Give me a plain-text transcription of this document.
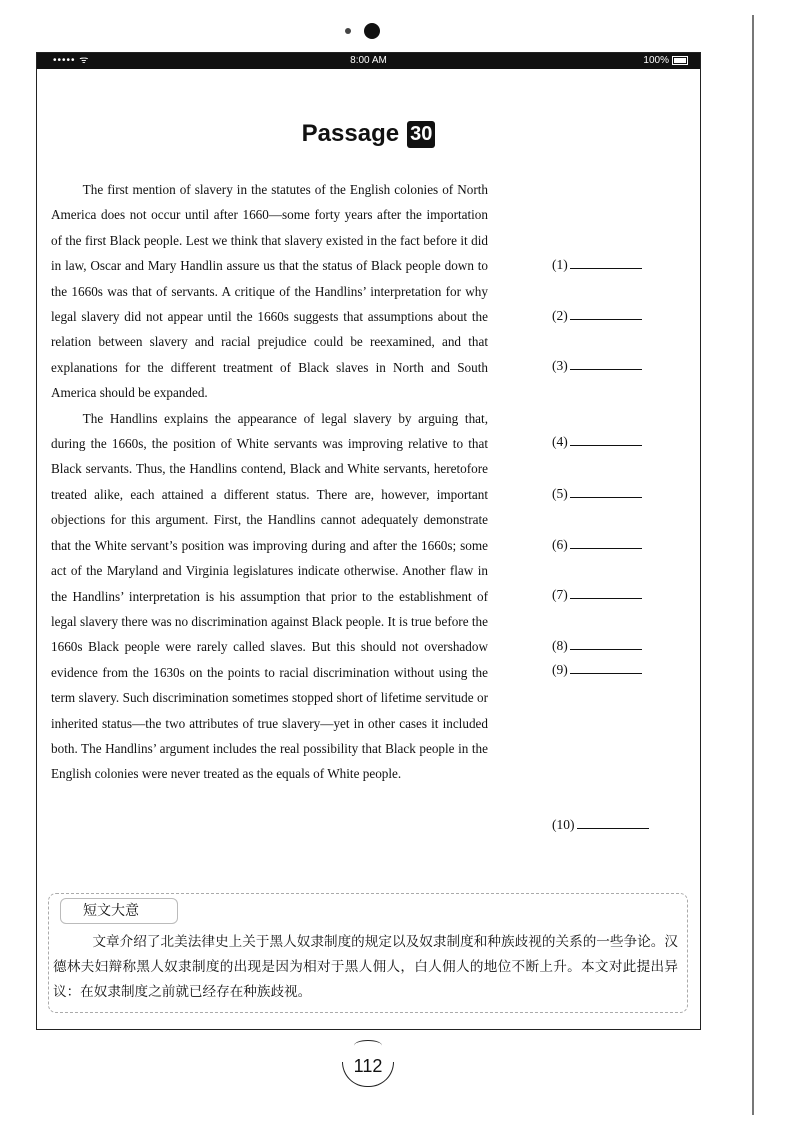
••••• ᯤ	8:00 AM	100%
Passage 30

The first mention of slavery in the statutes of the English colonies of North America does not occur until after 1660—some forty years after the importation of the first Black people. Lest we think that slavery existed in the fact before it did in law, Oscar and Mary Handlin assure us that the status of Black people down to the 1660s was that of servants. A critique of the Handlins’ interpretation for why legal slavery did not appear until the 1660s suggests that assumptions about the relation between slavery and racial prejudice could be reexamined, and that explanations for the different treatment of Black slaves in North and South America should be expanded.

The Handlins explains the appearance of legal slavery by arguing that, during the 1660s, the position of White servants was improving relative to that Black servants. Thus, the Handlins contend, Black and White servants, heretofore treated alike, each attained a different status. There are, however, important objections for this argument. First, the Handlins cannot adequately demonstrate that the White servant’s position was improving during and after the 1660s; some act of the Maryland and Virginia legislatures indicate otherwise. Another flaw in the Handlins’ interpretation is his assumption that prior to the establishment of legal slavery there was no discrimination against Black people. It is true before the 1660s Black people were rarely called slaves. But this should not overshadow evidence from the 1630s on the points to racial discrimination without using the term slavery. Such discrimination sometimes stopped short of lifetime servitude or inherited status—the two attributes of true slavery—yet in other cases it included both. The Handlins’ argument includes the real possibility that Black people in the English colonies were never treated as the equals of White people.

(1)
(2)
(3)
(4)
(5)
(6)
(7)
(8)
(9)
(10)
短文大意

文章介绍了北美法律史上关于黑人奴隶制度的规定以及奴隶制度和种族歧视的关系的一些争论。汉德林夫妇辩称黑人奴隶制度的出现是因为相对于黑人佣人，白人佣人的地位不断上升。本文对此提出异议：在奴隶制度之前就已经存在种族歧视。

112
